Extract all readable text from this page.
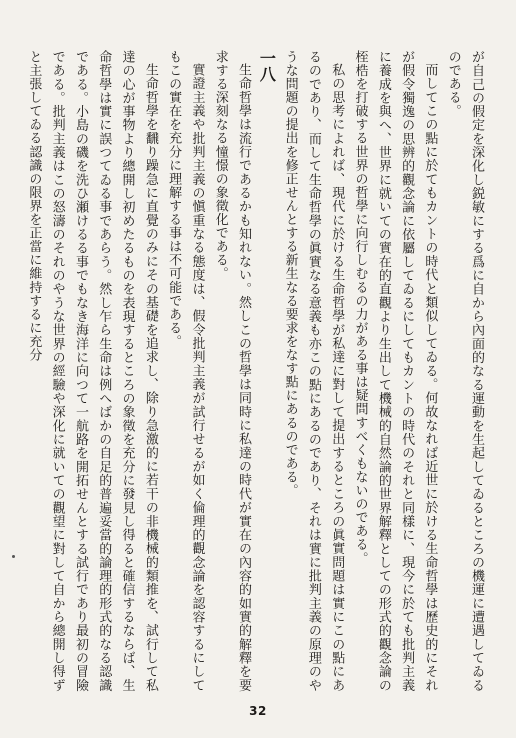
が自己の假定を深化し鋭敏にする爲に自から內面的なる運動を生起してゐるところの機運に遭遇してゐるのである。

而してこの點に於てもカントの時代と類似してゐる。何故なれば近世に於ける生命哲學は歷史的にそれが假令獨逸の思辨的觀念論に依屬してゐるにしてもカントの時代のそれと同樣に、現今に於ても批判主義に養成を與へ、世界に就いての實在的直觀より生出して機械的自然論的世界解釋としての形式的觀念論の桎梏を打破する世界の哲學に向行しむるの力がある事は疑問すべくもないのである。

私の思考によれば、現代に於ける生命哲學が私達に對して提出するところの眞實問題は實にこの點にあるのであり、而して生命哲學の眞實なる意義も亦この點にあるのであり、それは實に批判主義の原理のやうな問題の提出を修正せんとする新生なる要求をなす點にあるのである。

一八

生命哲學は流行であるかも知れない。然しこの哲學は同時に私達の時代が實在の內容的如實的解釋を要求する深刻なる憧憬の象徵化である。

實證主義や批判主義の愼重なる態度は、假令批判主義が試行せるが如く倫理的觀念論を認容するにしてもこの實在を充分に理解する事は不可能である。

生命哲學を飜り躁急に直覺のみにその基礎を追求し、除り急激的に若干の非機械的類推を、試行して私達の心が事物より總開し初めたるものを表現するところの象徵を充分に發見し得ると確信するならば、生命哲學は實に誤つてゐる事であらう。然し乍ら生命は例へばかの自足的普遍妥當的論理的形式的なる認識である。小島の磯を洗ひ瀬けるる事でもなき海洋に向つて一航路を開拓せんとする試行であり最初の冒險である。批判主義はこの怒濤のそれのやうな世界の經驗や深化に就いての觀望に對して自から總開し得ずと主張してゐる認識の限界を正當に維持するに充分

32
